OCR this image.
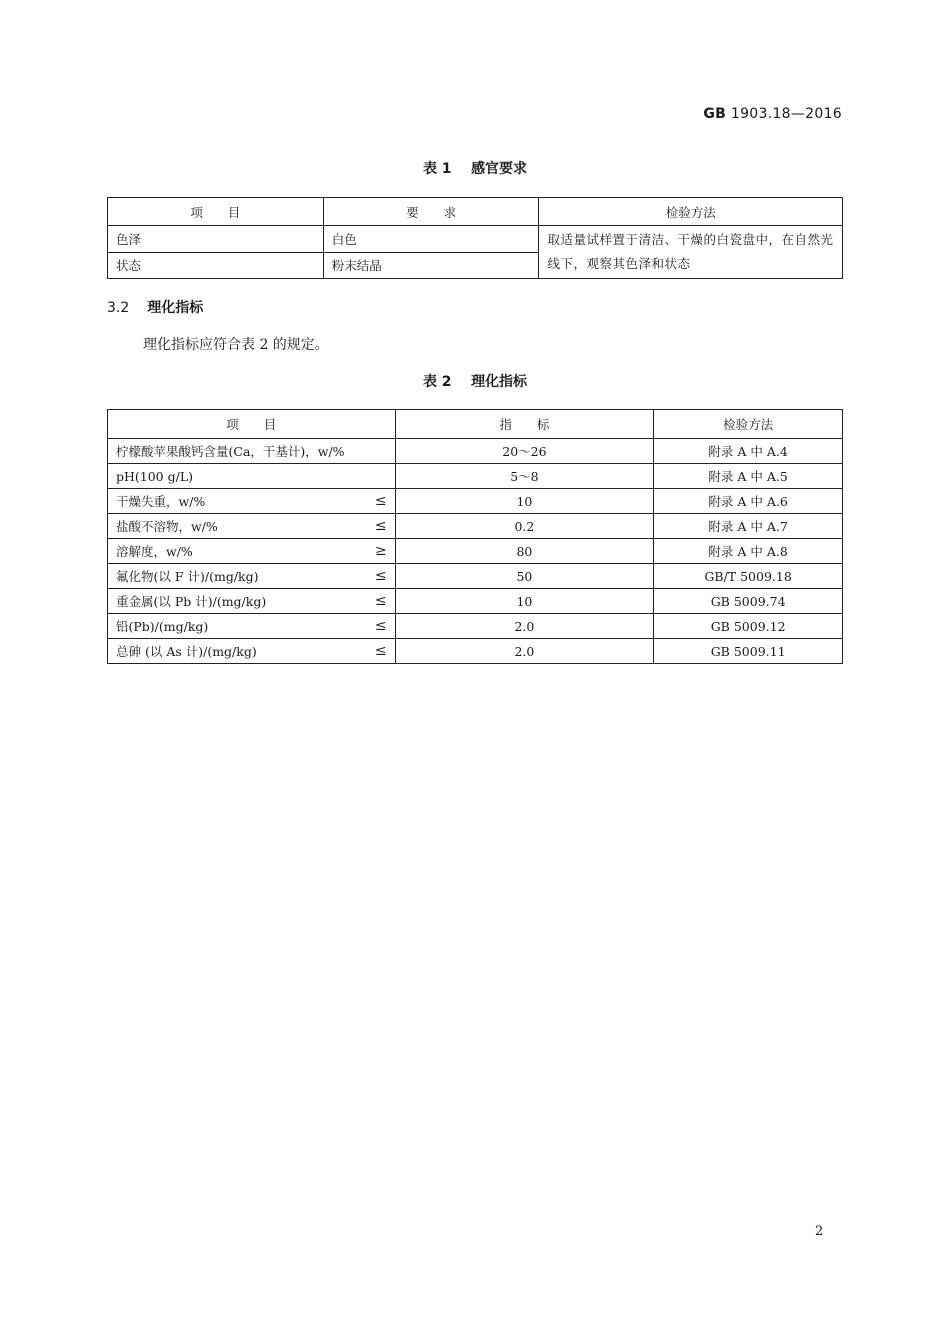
GB 1903.18—2016
表 1 感官要求
项　　目	要　　求	检验方法
色泽	白色	取适量试样置于清洁、干燥的白瓷盘中，在自然光线下，观察其色泽和状态
状态	粉末结晶	
3.2 理化指标
理化指标应符合表 2 的规定。
表 2 理化指标
项　　目	指　　标	检验方法
柠檬酸苹果酸钙含量(Ca，干基计)，w/%	20～26	附录 A 中 A.4
pH(100 g/L)	5～8	附录 A 中 A.5
干燥失重，w/% ≤	10	附录 A 中 A.6
盐酸不溶物，w/% ≤	0.2	附录 A 中 A.7
溶解度，w/% ≥	80	附录 A 中 A.8
氟化物(以 F 计)/(mg/kg) ≤	50	GB/T 5009.18
重金属(以 Pb 计)/(mg/kg) ≤	10	GB 5009.74
铅(Pb)/(mg/kg) ≤	2.0	GB 5009.12
总砷 (以 As 计)/(mg/kg) ≤	2.0	GB 5009.11
2
